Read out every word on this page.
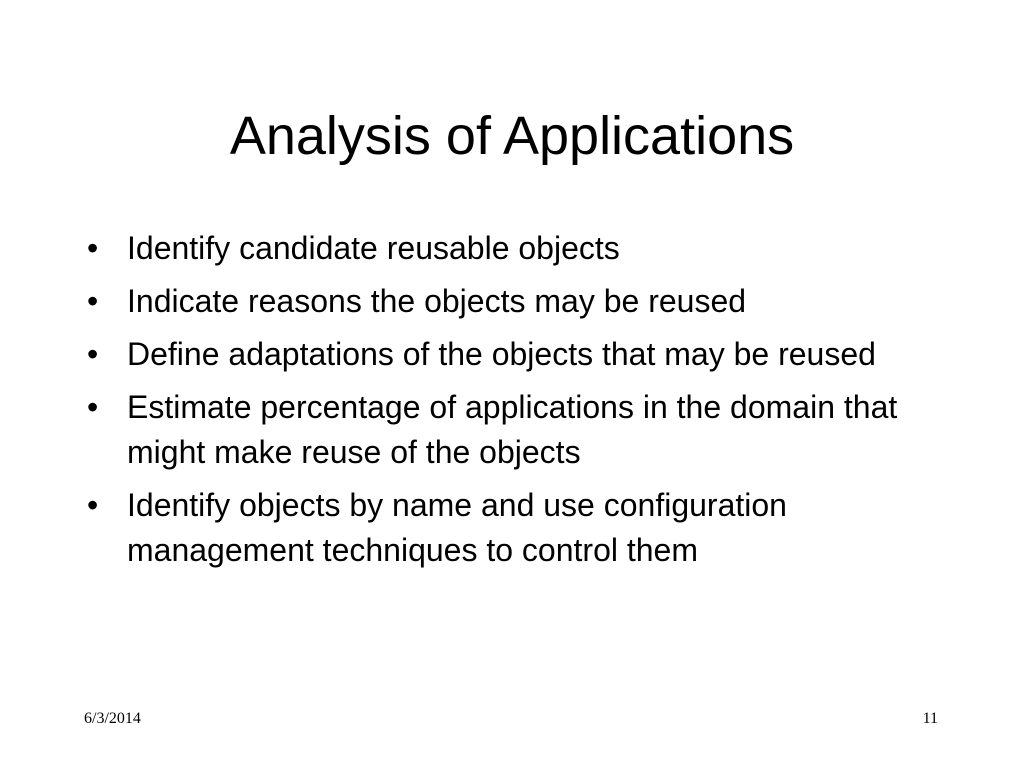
Analysis of Applications
• Identify candidate reusable objects
• Indicate reasons the objects may be reused
• Define adaptations of the objects that may be reused
• Estimate percentage of applications in the domain that might make reuse of the objects
• Identify objects by name and use configuration management techniques to control them
6/3/2014	11
